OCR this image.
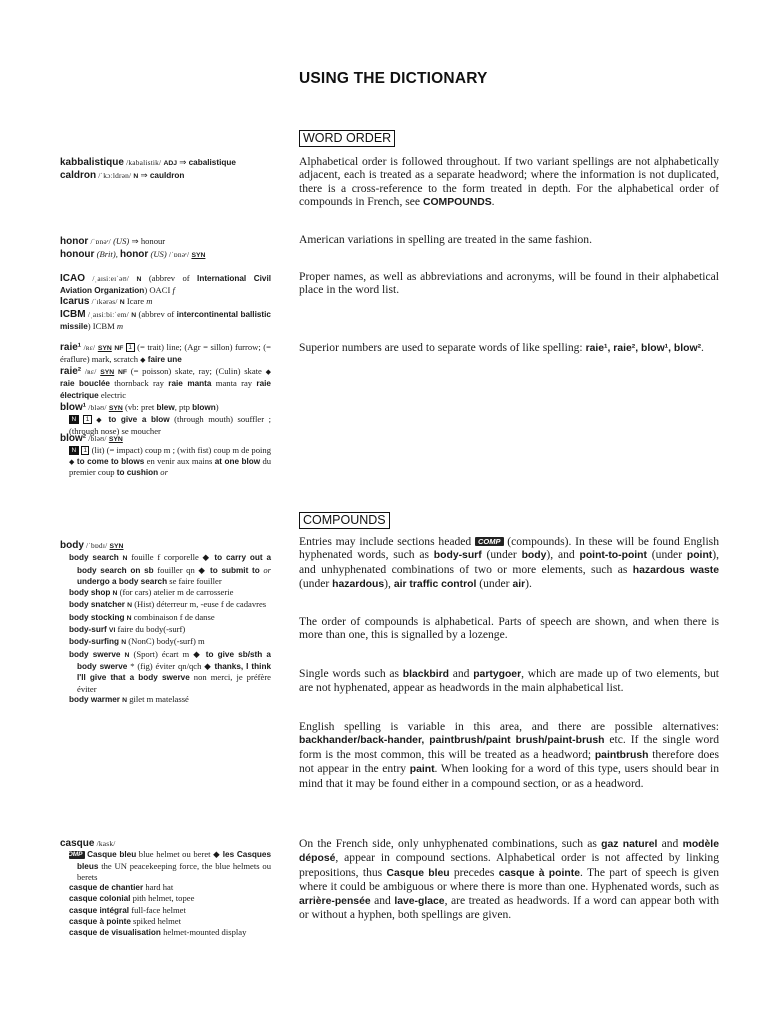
USING THE DICTIONARY
WORD ORDER
COMPOUNDS
Alphabetical order is followed throughout. If two variant spellings are not alphabetically adjacent, each is treated as a separate headword; where the information is not duplicated, there is a cross-reference to the form treated in depth. For the alphabetical order of compounds in French, see COMPOUNDS.
American variations in spelling are treated in the same fashion.
Proper names, as well as abbreviations and acronyms, will be found in their alphabetical place in the word list.
Superior numbers are used to separate words of like spelling: raie¹, raie², blow¹, blow².
Entries may include sections headed COMP (compounds). In these will be found English hyphenated words, such as body-surf (under body), and point-to-point (under point), and unhyphenated combinations of two or more elements, such as hazardous waste (under hazardous), air traffic control (under air).
The order of compounds is alphabetical. Parts of speech are shown, and when there is more than one, this is signalled by a lozenge.
Single words such as blackbird and partygoer, which are made up of two elements, but are not hyphenated, appear as headwords in the main alphabetical list.
English spelling is variable in this area, and there are possible alternatives: backhander/back-hander, paintbrush/paint brush/paint-brush etc. If the single word form is the most common, this will be treated as a headword; paintbrush therefore does not appear in the entry paint. When looking for a word of this type, users should bear in mind that it may be found either in a compound section, or as a headword.
On the French side, only unhyphenated combinations, such as gaz naturel and modèle déposé, appear in compound sections. Alphabetical order is not affected by linking prepositions, thus Casque bleu precedes casque à pointe. The part of speech is given where it could be ambiguous or where there is more than one. Hyphenated words, such as arrière-pensée and lave-glace, are treated as headwords. If a word can appear both with or without a hyphen, both spellings are given.
kabbalistique /kabalistik/ ADJ ⇒ cabalistique
caldron /ˈkɔːldrən/ N ⇒ cauldron
honor /ˈɒnəʳ/ (US) ⇒ honour
honour (Brit), honor (US) /ˈɒnəʳ/ SYN
ICAO /ˌaɪsiːeɪˈəʊ/ N (abbrev of International Civil Aviation Organization) OACI f
Icarus /ˈɪkərəs/ N Icare m
ICBM /ˌaɪsiːbiːˈem/ N (abbrev of intercontinental ballistic missile) ICBM m
raie¹ /ʀɛ/ SYN NF 1 (= trait) line; (Agr = sillon) furrow; (= éraflure) mark, scratch ◆ faire une
raie² /ʀɛ/ SYN NF (= poisson) skate, ray; (Culin) skate ◆ raie bouclée thornback ray raie manta manta ray raie électrique electric
blow¹ /bləʊ/ SYN (vb: pret blew, ptp blown)
N 1 ◆ to give a blow (through mouth) souffler ; (through nose) se moucher
blow² /bləʊ/ SYN
N 1 (lit) (= impact) coup m ; (with fist) coup m de poing ◆ to come to blows en venir aux mains at one blow du premier coup to cushion or
body /ˈbɒdɪ/ SYN
body search N fouille f corporelle ◆ to carry out a body search on sb fouiller qn ◆ to submit to or undergo a body search se faire fouiller
body shop N (for cars) atelier m de carrosserie
body snatcher N (Hist) déterreur m, -euse f de cadavres
body stocking N combinaison f de danse
body-surf VI faire du body(-surf)
body-surfing N (NonC) body(-surf) m
body swerve N (Sport) écart m ◆ to give sb/sth a body swerve * (fig) éviter qn/qch ◆ thanks, I think I'll give that a body swerve non merci, je préfère éviter
body warmer N gilet m matelassé
casque /kask/
COMP Casque bleu blue helmet ou beret ◆ les Casques bleus the UN peacekeeping force, the blue helmets ou berets
casque de chantier hard hat
casque colonial pith helmet, topee
casque intégral full-face helmet
casque à pointe spiked helmet
casque de visualisation helmet-mounted display
